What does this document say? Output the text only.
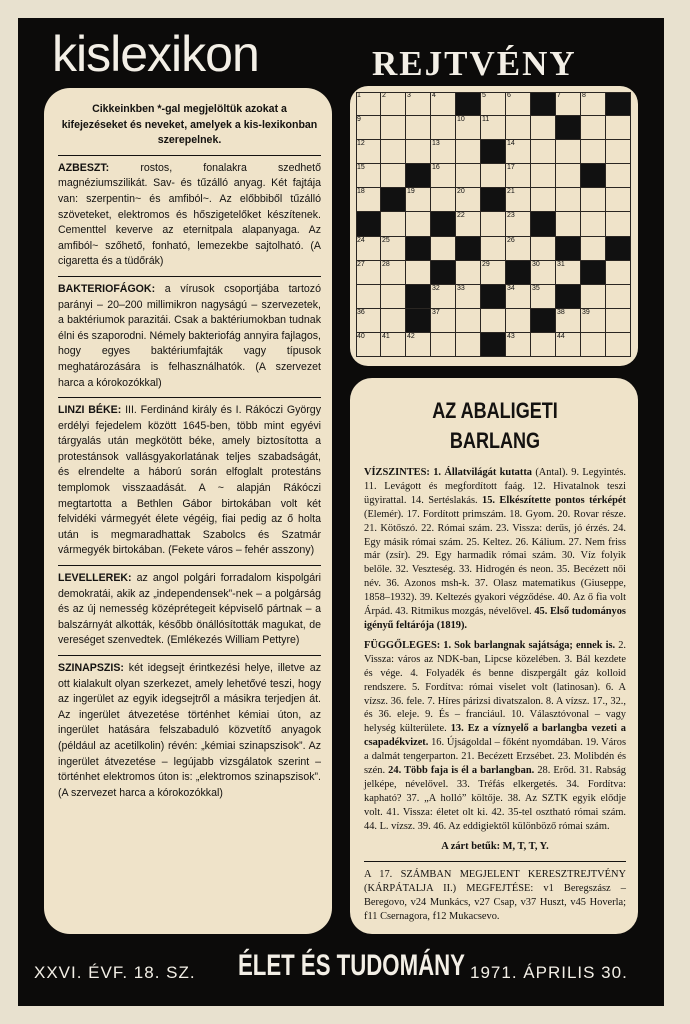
kislexikon	REJTVÉNY

Cikkeinkben *-gal megjelöltük azokat a kifejezéseket és neveket, amelyek a kis-lexikonban szerepelnek.

AZBESZT:	rostos, fonalakra szedhető magnéziumszilikát. Sav- és tűzálló anyag. Két fajtája van: szerpentin~ és amfiból~. Az előbbiből tűzálló szöveteket, elektromos és hőszigetelőket készítenek. Cementtel keverve az eternitpala alapanyaga. Az amfiból~ szőhető, fonható, lemezekbe sajtolható. (A cigaretta és a tüdőrák)

BAKTERIOFÁGOK: a vírusok csoportjába tartozó parányi – 20–200 millimikron nagyságú – szervezetek, a baktériumok parazitái. Csak a baktériumokban tudnak élni és szaporodni. Némely bakteriofág annyira fajlagos, hogy egyes baktériumfajták vagy típusok meghatározására is felhasználhatók. (A szervezet harca a kórokozókkal)

LINZI BÉKE: III. Ferdinánd király és I. Rákóczi György erdélyi fejedelem között 1645-ben, több mint egyévi tárgyalás után megkötött béke, amely biztosította a protestánsok vallásgyakorlatának teljes szabadságát, és elrendelte a háború során elfoglalt protestáns templomok visszaadását. A ~ alapján Rákóczi megtartotta a Bethlen Gábor birtokában volt két felvidéki vármegyét élete végéig, fiai pedig az ő holta után is megmaradhattak Szabolcs és Szatmár vármegyék birtokában. (Fekete város – fehér asszony)

LEVELLEREK: az angol polgári forradalom kispolgári demokratái, akik az „independensek”-nek – a polgárság és az új nemesség középrétegeit képviselő pártnak – a balszárnyát alkották, később önállósították magukat, de vereséget szenvedtek. (Emlékezés William Pettyre)

SZINAPSZIS: két idegsejt érintkezési helye, illetve az ott kialakult olyan szerkezet, amely lehetővé teszi, hogy az ingerület az egyik idegsejtről a másikra terjedjen át. Az ingerület átvezetése történhet kémiai úton, az ingerület hatására felszabaduló közvetítő anyagok (például az acetilkolin) révén: „kémiai szinapszisok”. Az ingerület átvezetése – legújabb vizsgálatok szerint – történhet elektromos úton is: „elektromos szinapszisok”. (A szervezet harca a kórokozókkal)

44
43
42
41
40
39
38
37
36
35
34
33
32
31
30
29
28
27
26
25
24
23
22
21
20
19
18
17
16
15
14
13
12
11
10
9
8
7
6
5
4
3
2
1
AZ ABALIGETI BARLANG

VÍZSZINTES: 1. Állatvilágát kutatta (Antal). 9. Legyintés. 11. Levágott és megfordított faág. 12. Hivatalnok teszi ügyirattal. 14. Sertéslakás. 15. Elkészítette pontos térképét (Elemér). 17. Fordított primszám. 18. Gyom. 20. Rovar része. 21. Kötőszó. 22. Római szám. 23. Vissza: derűs, jó érzés. 24. Egy másik római szám. 25. Keltez. 26. Kálium. 27. Nem friss már (zsír). 29. Egy harmadik római szám. 30. Víz folyik belőle. 32. Veszteség. 33. Hidrogén és neon. 35. Becézett női név. 36. Azonos msh-k. 37. Olasz matematikus (Giuseppe, 1858–1932). 39. Keltezés gyakori végződése. 40. Az ő fia volt Árpád. 43. Ritmikus mozgás, névelővel. 45. Első tudományos igényű feltárója (1819).

FÜGGŐLEGES: 1. Sok barlangnak sajátsága; ennek is. 2. Vissza: város az NDK-ban, Lipcse közelében. 3. Bál kezdete és vége. 4. Folyadék és benne diszpergált gáz kolloid rendszere. 5. Fordítva: római viselet volt (latinosan). 6. A vízsz. 36. fele. 7. Híres párizsi divatszalon. 8. A vízsz. 17., 32., és 36. eleje. 9. És – franciául. 10. Választóvonal – vagy helység külterülete. 13. Ez a víznyelő a barlangba vezeti a csapadékvizet. 16. Újságoldal – főként nyomdában. 19. Város a dalmát tengerparton. 21. Becézett Erzsébet. 23. Molibdén és szén. 24. Több faja is él a barlangban. 28. Erőd. 31. Rabság jelképe, névelővel. 33. Tréfás elkergetés. 34. Fordítva: kapható? 37. „A holló” költője. 38. Az SZTK egyik elődje volt. 41. Vissza: életet olt ki. 42. 35-tel osztható római szám. 44. L. vízsz. 39. 46. Az eddigiektől különböző római szám.

A zárt betűk: M, T, T, Y.

A 17. SZÁMBAN MEGJELENT KERESZTREJTVÉNY (KÁRPÁTALJA II.) MEGFEJTÉSE: v1 Beregszász – Beregovo, v24 Munkács, v27 Csap, v37 Huszt, v45 Hoverla; f11 Csernagora, f12 Mukacsevo.

XXVI. ÉVF. 18. SZ. ÉLET ÉS TUDOMÁNY 1971. ÁPRILIS 30.
